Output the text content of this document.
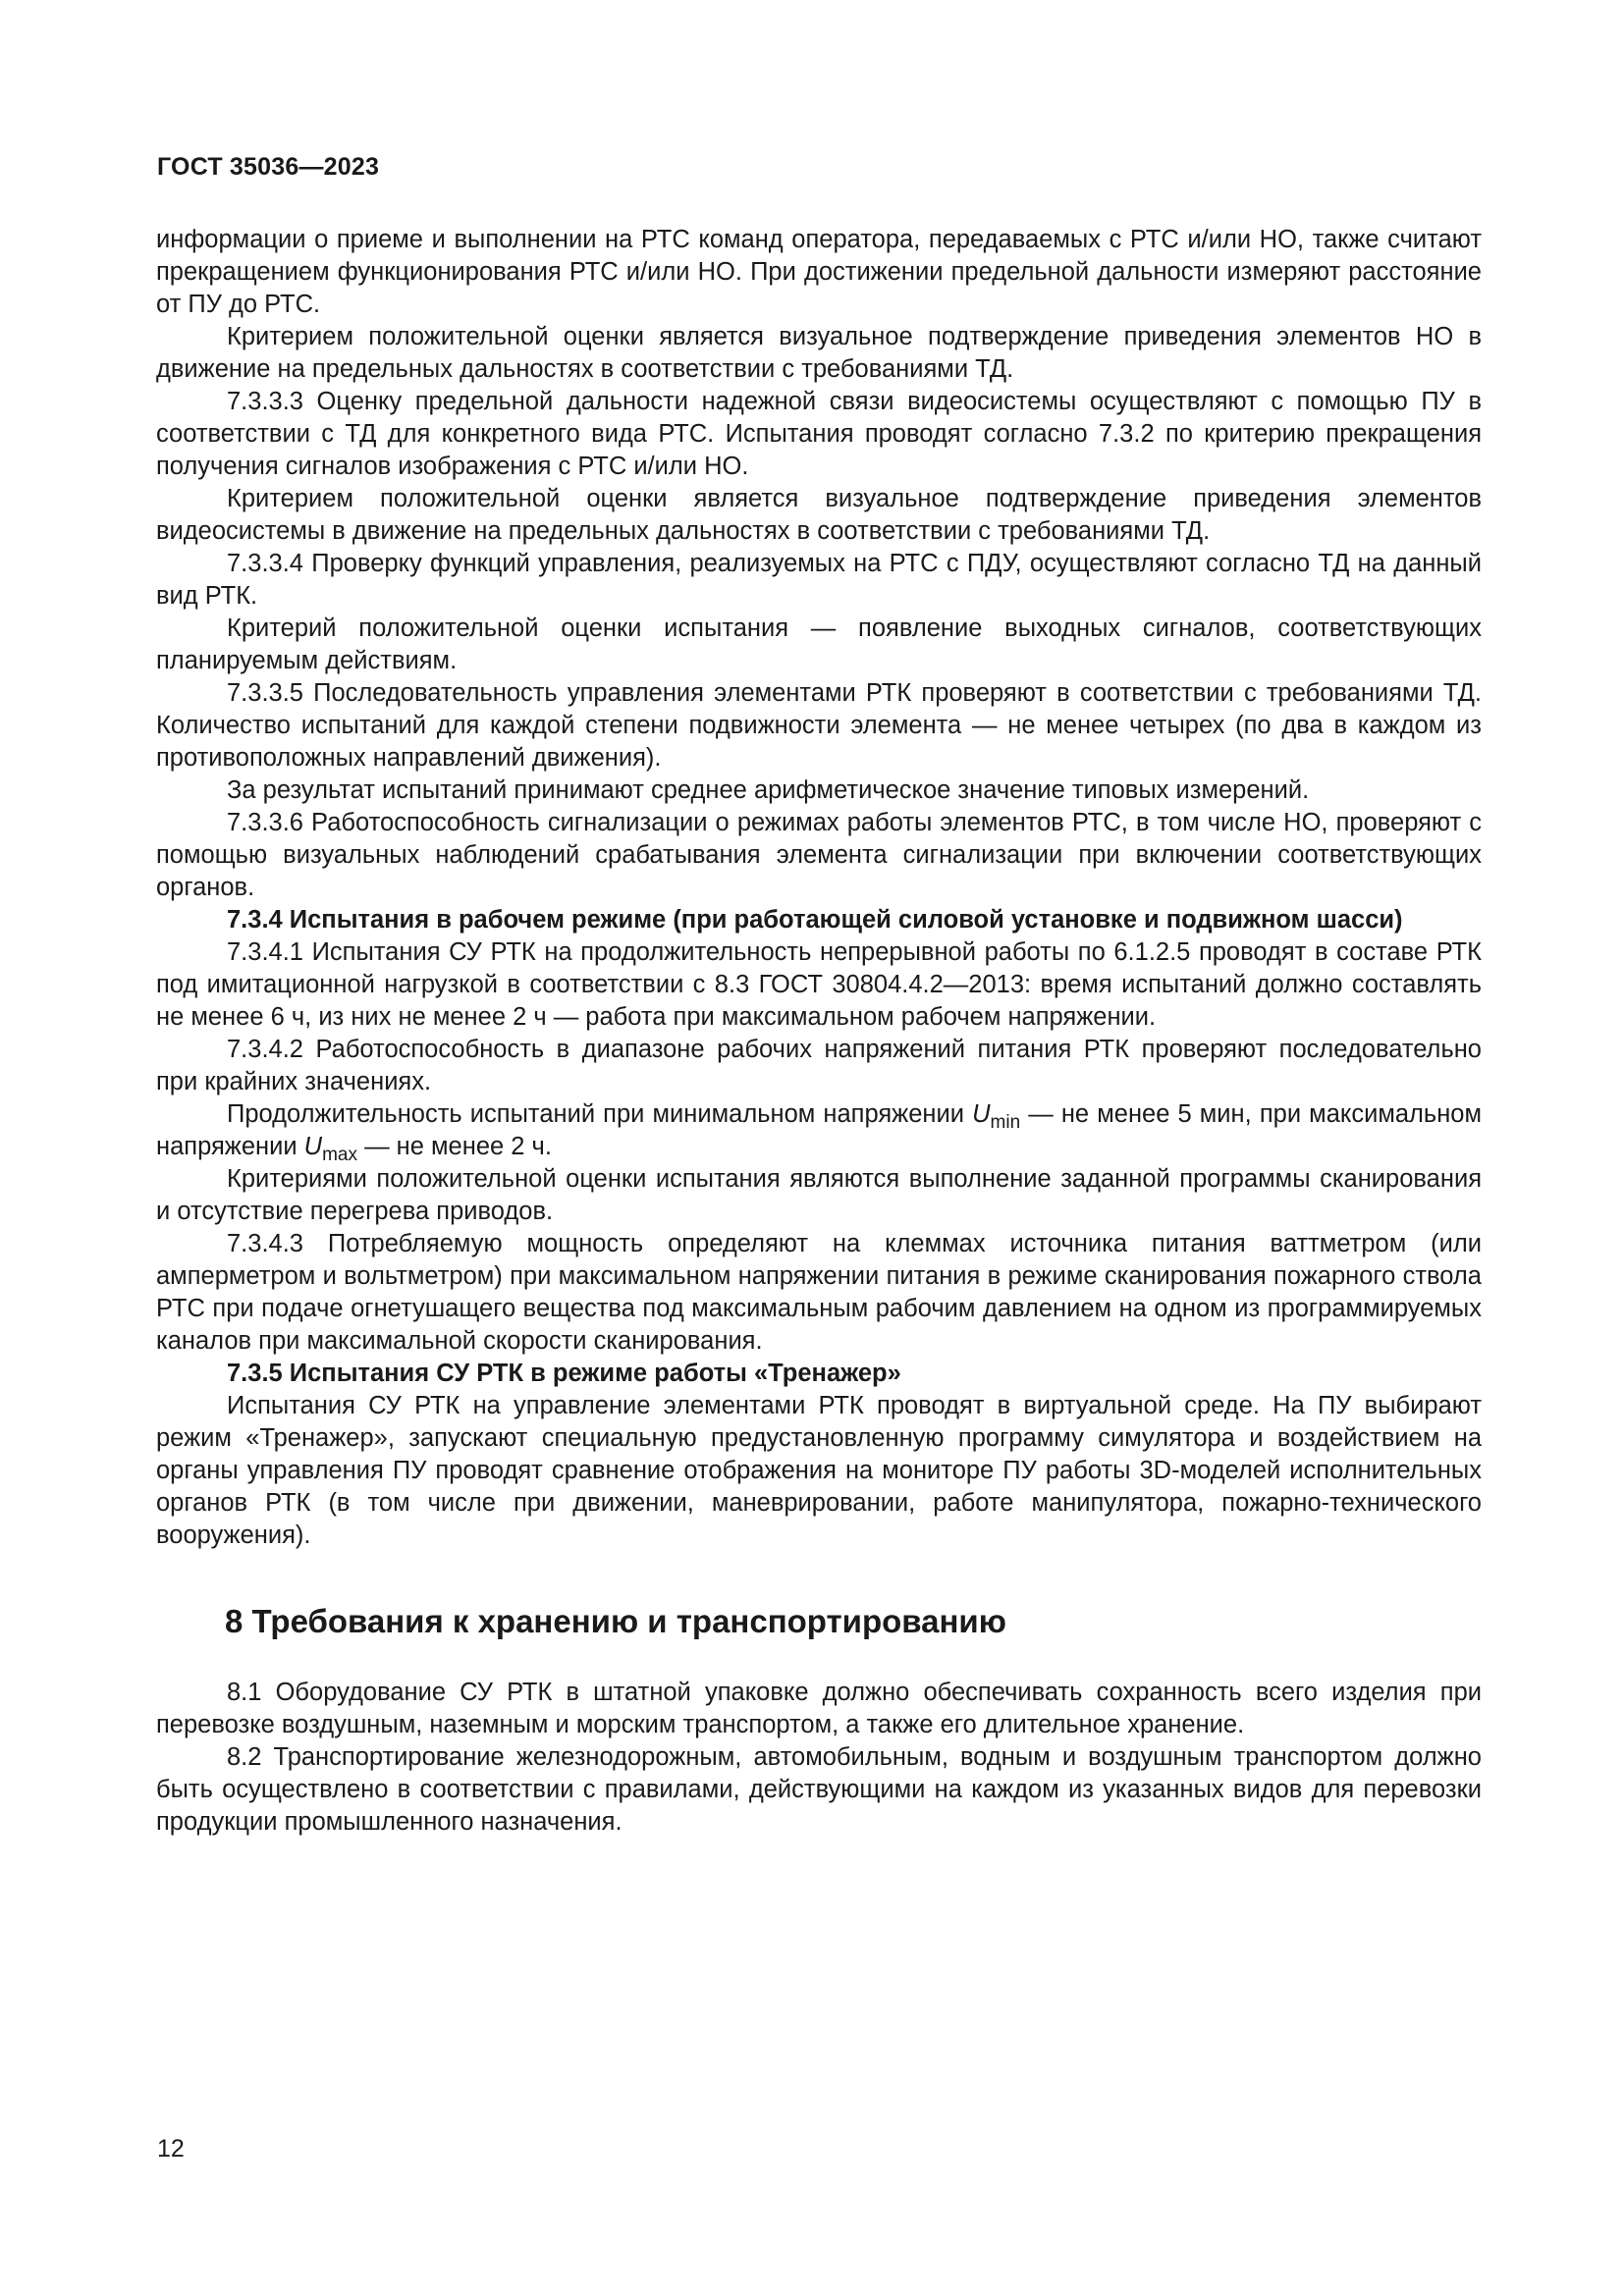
ГОСТ 35036—2023

информации о приеме и выполнении на РТС команд оператора, передаваемых с РТС и/или НО, также считают прекращением функционирования РТС и/или НО. При достижении предельной дальности измеряют расстояние от ПУ до РТС.

Критерием положительной оценки является визуальное подтверждение приведения элементов НО в движение на предельных дальностях в соответствии с требованиями ТД.

7.3.3.3 Оценку предельной дальности надежной связи видеосистемы осуществляют с помощью ПУ в соответствии с ТД для конкретного вида РТС. Испытания проводят согласно 7.3.2 по критерию прекращения получения сигналов изображения с РТС и/или НО.

Критерием положительной оценки является визуальное подтверждение приведения элементов видеосистемы в движение на предельных дальностях в соответствии с требованиями ТД.

7.3.3.4 Проверку функций управления, реализуемых на РТС с ПДУ, осуществляют согласно ТД на данный вид РТК.

Критерий положительной оценки испытания — появление выходных сигналов, соответствующих планируемым действиям.

7.3.3.5 Последовательность управления элементами РТК проверяют в соответствии с требованиями ТД. Количество испытаний для каждой степени подвижности элемента — не менее четырех (по два в каждом из противоположных направлений движения).

За результат испытаний принимают среднее арифметическое значение типовых измерений.

7.3.3.6 Работоспособность сигнализации о режимах работы элементов РТС, в том числе НО, проверяют с помощью визуальных наблюдений срабатывания элемента сигнализации при включении соответствующих органов.

7.3.4 Испытания в рабочем режиме (при работающей силовой установке и подвижном шасси)

7.3.4.1 Испытания СУ РТК на продолжительность непрерывной работы по 6.1.2.5 проводят в составе РТК под имитационной нагрузкой в соответствии с 8.3 ГОСТ 30804.4.2—2013: время испытаний должно составлять не менее 6 ч, из них не менее 2 ч — работа при максимальном рабочем напряжении.

7.3.4.2 Работоспособность в диапазоне рабочих напряжений питания РТК проверяют последовательно при крайних значениях.

Продолжительность испытаний при минимальном напряжении $U_{min}$ — не менее 5 мин, при максимальном напряжении $U_{max}$ — не менее 2 ч.

Критериями положительной оценки испытания являются выполнение заданной программы сканирования и отсутствие перегрева приводов.

7.3.4.3 Потребляемую мощность определяют на клеммах источника питания ваттметром (или амперметром и вольтметром) при максимальном напряжении питания в режиме сканирования пожарного ствола РТС при подаче огнетушащего вещества под максимальным рабочим давлением на одном из программируемых каналов при максимальной скорости сканирования.

7.3.5 Испытания СУ РТК в режиме работы «Тренажер»

Испытания СУ РТК на управление элементами РТК проводят в виртуальной среде. На ПУ выбирают режим «Тренажер», запускают специальную предустановленную программу симулятора и воздействием на органы управления ПУ проводят сравнение отображения на мониторе ПУ работы 3D-моделей исполнительных органов РТК (в том числе при движении, маневрировании, работе манипулятора, пожарно-технического вооружения).

8 Требования к хранению и транспортированию

8.1 Оборудование СУ РТК в штатной упаковке должно обеспечивать сохранность всего изделия при перевозке воздушным, наземным и морским транспортом, а также его длительное хранение.

8.2 Транспортирование железнодорожным, автомобильным, водным и воздушным транспортом должно быть осуществлено в соответствии с правилами, действующими на каждом из указанных видов для перевозки продукции промышленного назначения.

12
